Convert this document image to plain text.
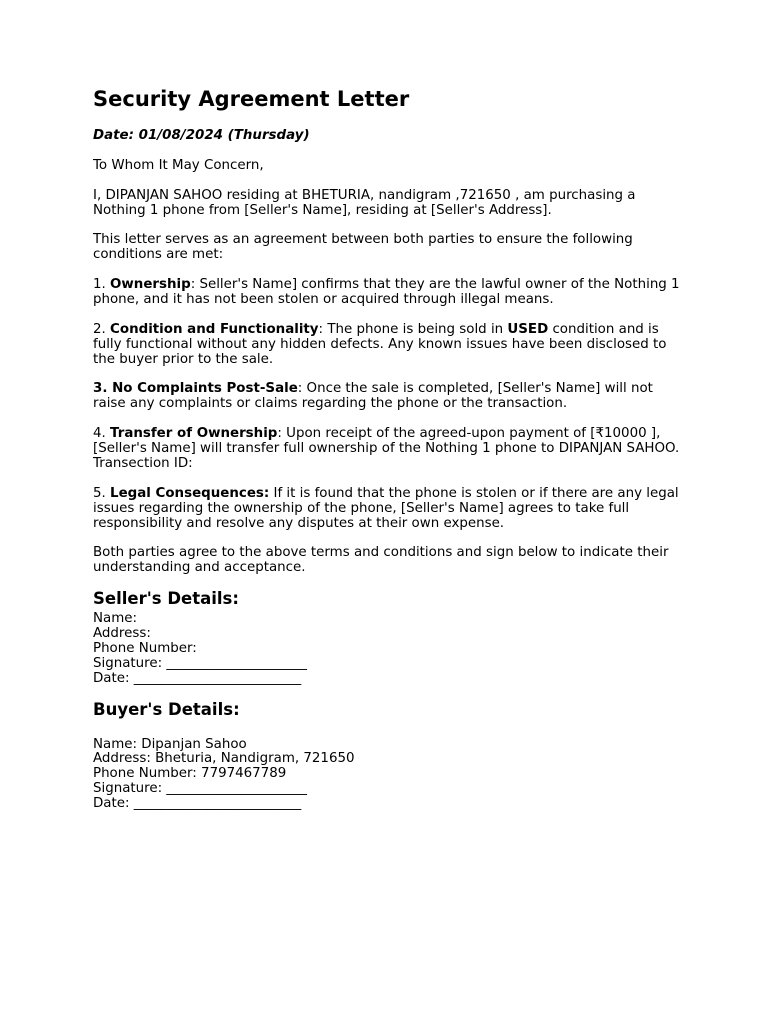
Security Agreement Letter
Date: 01/08/2024 (Thursday)

To Whom It May Concern,

I, DIPANJAN SAHOO residing at BHETURIA, nandigram ,721650 , am purchasing a Nothing 1 phone from [Seller's Name], residing at [Seller's Address].

This letter serves as an agreement between both parties to ensure the following conditions are met:

1. Ownership: Seller's Name] confirms that they are the lawful owner of the Nothing 1 phone, and it has not been stolen or acquired through illegal means.

2. Condition and Functionality: The phone is being sold in USED condition and is fully functional without any hidden defects. Any known issues have been disclosed to the buyer prior to the sale.

3. No Complaints Post-Sale: Once the sale is completed, [Seller's Name] will not raise any complaints or claims regarding the phone or the transaction.

4. Transfer of Ownership: Upon receipt of the agreed-upon payment of [₹10000 ], [Seller's Name] will transfer full ownership of the Nothing 1 phone to DIPANJAN SAHOO.
Transection ID:

5. Legal Consequences: If it is found that the phone is stolen or if there are any legal issues regarding the ownership of the phone, [Seller's Name] agrees to take full responsibility and resolve any disputes at their own expense.

Both parties agree to the above terms and conditions and sign below to indicate their understanding and acceptance.

Seller's Details:
Name:
Address:
Phone Number:
Signature: _____________________
Date: _________________________
Buyer's Details:
Name: Dipanjan Sahoo
Address: Bheturia, Nandigram, 721650
Phone Number: 7797467789
Signature: _____________________
Date: _________________________
